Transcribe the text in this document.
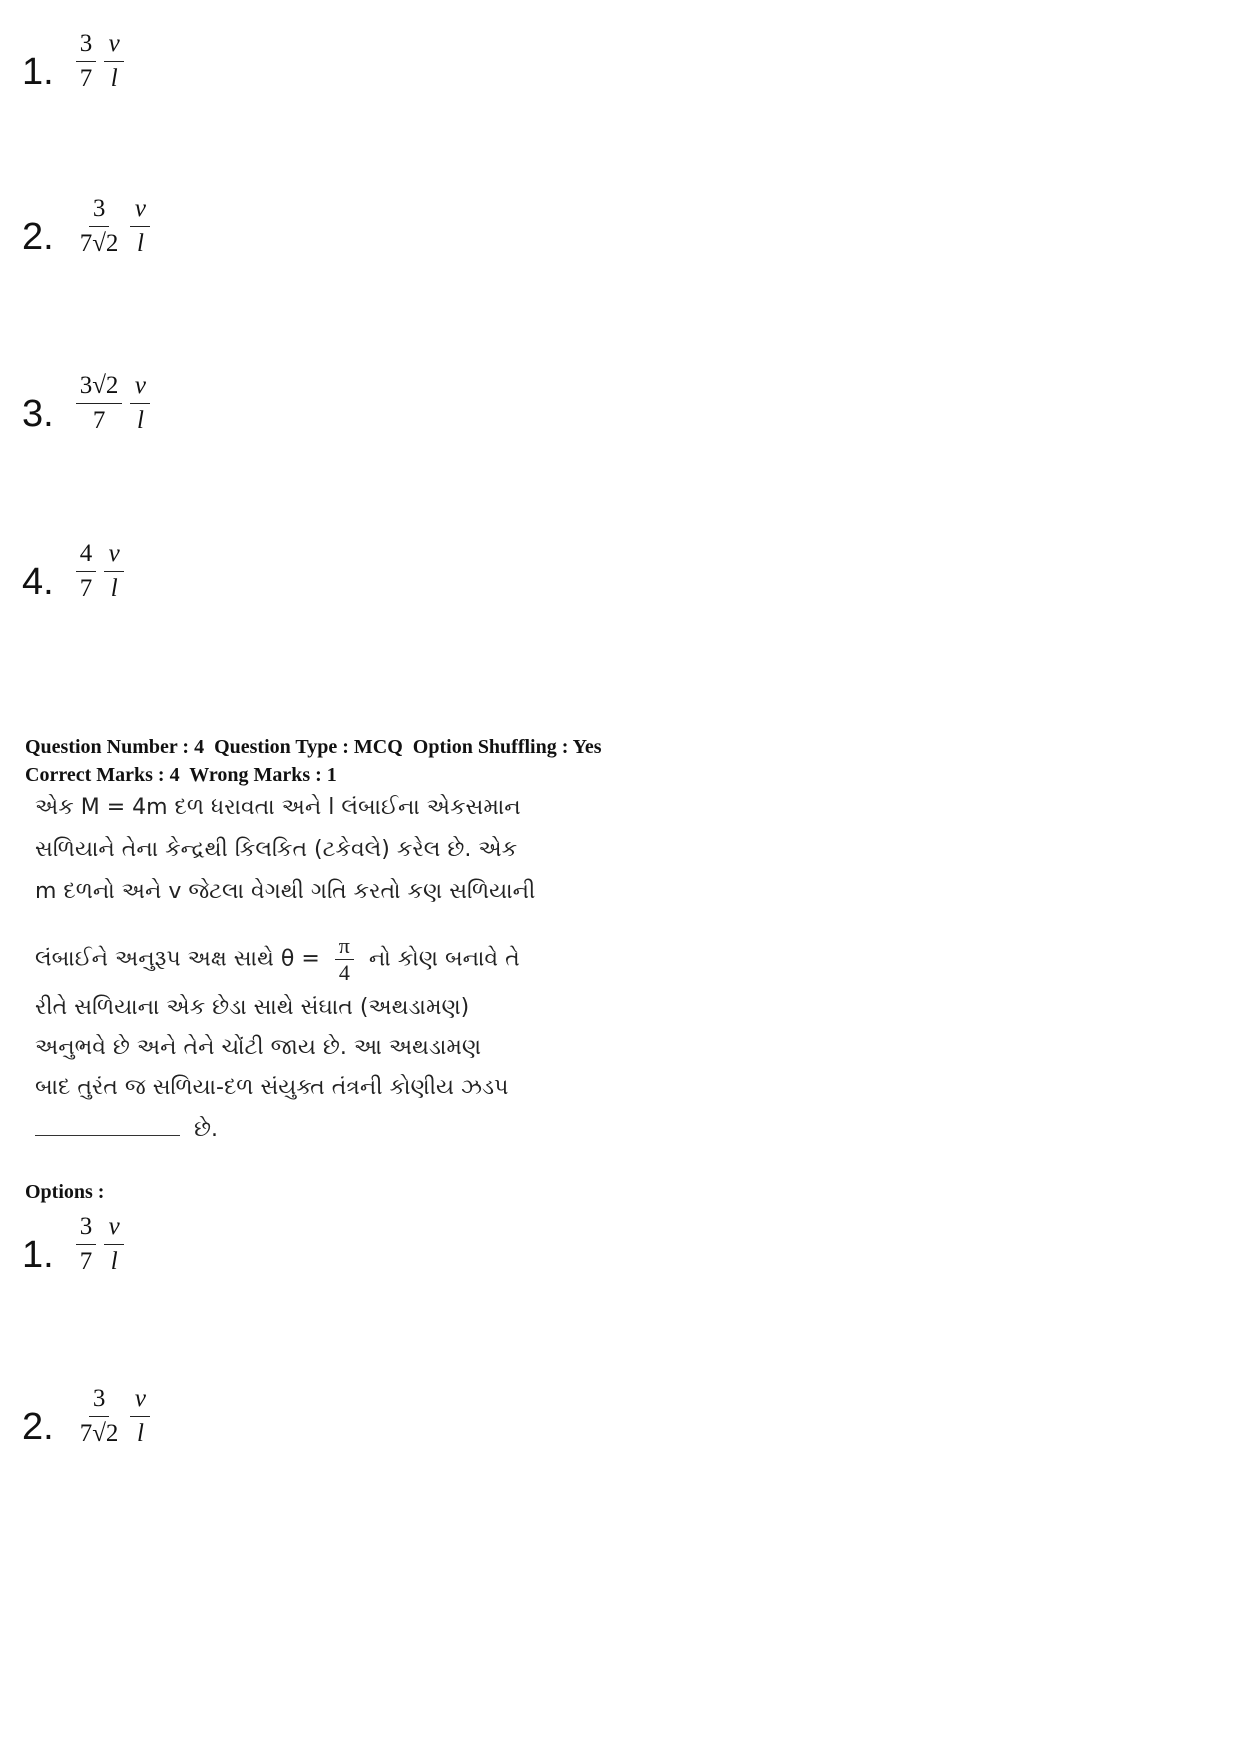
1. $\frac{3}{7} \frac{v}{l}$
2. $\frac{3}{7√2} \frac{v}{l}$
3. $\frac{3√2}{7} \frac{v}{l}$
4. $\frac{4}{7} \frac{v}{l}$
Question Number : 4  Question Type : MCQ  Option Shuffling : Yes
Correct Marks : 4  Wrong Marks : 1
એક M = 4m દળ ધરાવતા અને l લંબાઈના એકસમાન
સળિયાને તેના કેન્દ્રથી કિલકિત (ટકેવલે) કરેલ છે. એક
m દળનો અને v જેટલા વેગથી ગતિ કરતો કણ સળિયાની
લંબાઈને અનુરૂપ અક્ષ સાથે $\theta = \frac{\pi}{4}$ નો કોણ બનાવે તે
રીતે સળિયાના એક છેડા સાથે સંઘાત (અથડામણ)
અનુભવે છે અને તેને ચોંટી જાય છે. આ અથડામણ
બાદ તુરંત જ સળિયા-દળ સંયુક્ત તંત્રની કોણીય ઝડપ
છે.
Options :
1. $\frac{3}{7} \frac{v}{l}$
2. $\frac{3}{7√2} \frac{v}{l}$
